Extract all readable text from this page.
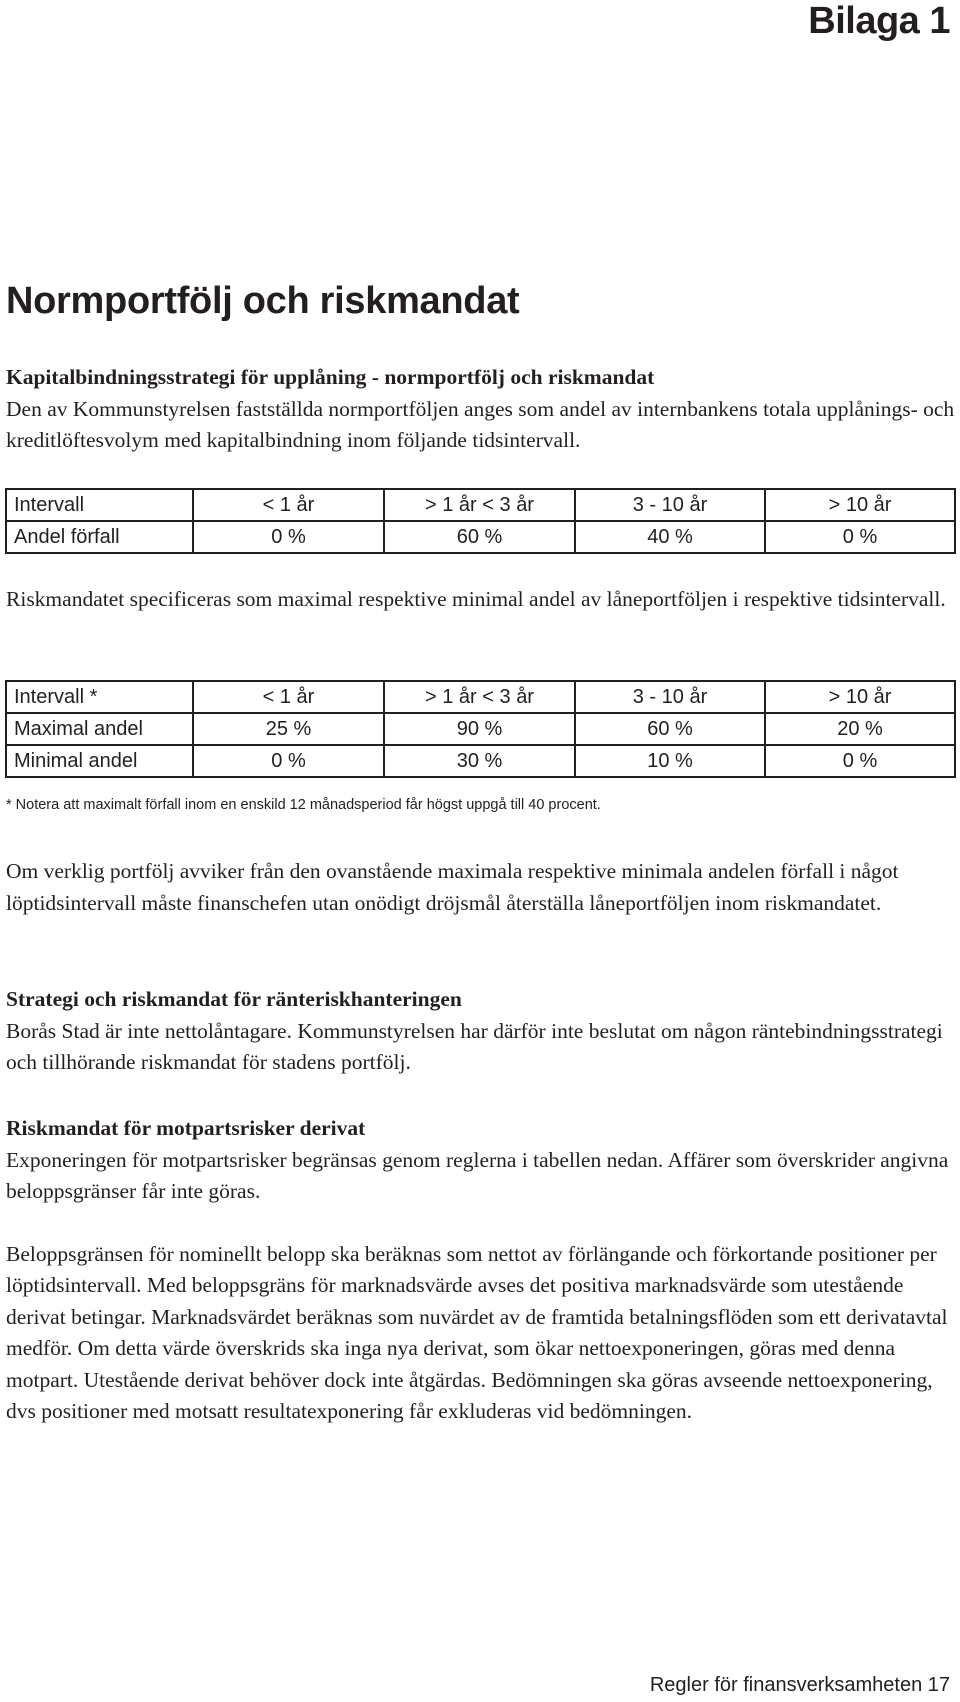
Bilaga 1
Normportfölj och riskmandat

Kapitalbindningsstrategi för upplåning - normportfölj och riskmandat

Den av Kommunstyrelsen fastställda normportföljen anges som andel av internbankens totala upplånings- och kreditlöftesvolym med kapitalbindning inom följande tidsintervall.

Intervall	< 1 år	> 1 år < 3 år	3 - 10 år	> 10 år
Andel förfall	0 %	60 %	40 %	0 %

Riskmandatet specificeras som maximal respektive minimal andel av låneportföljen i respektive tidsintervall.

Intervall *	< 1 år	> 1 år < 3 år	3 - 10 år	> 10 år
Maximal andel	25 %	90 %	60 %	20 %
Minimal andel	0 %	30 %	10 %	0 %
* Notera att maximalt förfall inom en enskild 12 månadsperiod får högst uppgå till 40 procent.

Om verklig portfölj avviker från den ovanstående maximala respektive minimala andelen förfall i något löptidsintervall måste finanschefen utan onödigt dröjsmål återställa låneportföljen inom riskmandatet.

Strategi och riskmandat för ränteriskhanteringen

Borås Stad är inte nettolåntagare. Kommunstyrelsen har därför inte beslutat om någon räntebindningsstrategi och tillhörande riskmandat för stadens portfölj.

Riskmandat för motpartsrisker derivat

Exponeringen för motpartsrisker begränsas genom reglerna i tabellen nedan. Affärer som överskrider angivna beloppsgränser får inte göras.

Beloppsgränsen för nominellt belopp ska beräknas som nettot av förlängande och förkortande positioner per löptidsintervall. Med beloppsgräns för marknadsvärde avses det positiva marknadsvärde som utestående derivat betingar. Marknadsvärdet beräknas som nuvärdet av de framtida betalningsflöden som ett derivatavtal medför. Om detta värde överskrids ska inga nya derivat, som ökar nettoexponeringen, göras med denna motpart. Utestående derivat behöver dock inte åtgärdas. Bedömningen ska göras avseende nettoexponering, dvs positioner med motsatt resultatexponering får exkluderas vid bedömningen.

Regler för finansverksamheten 17
